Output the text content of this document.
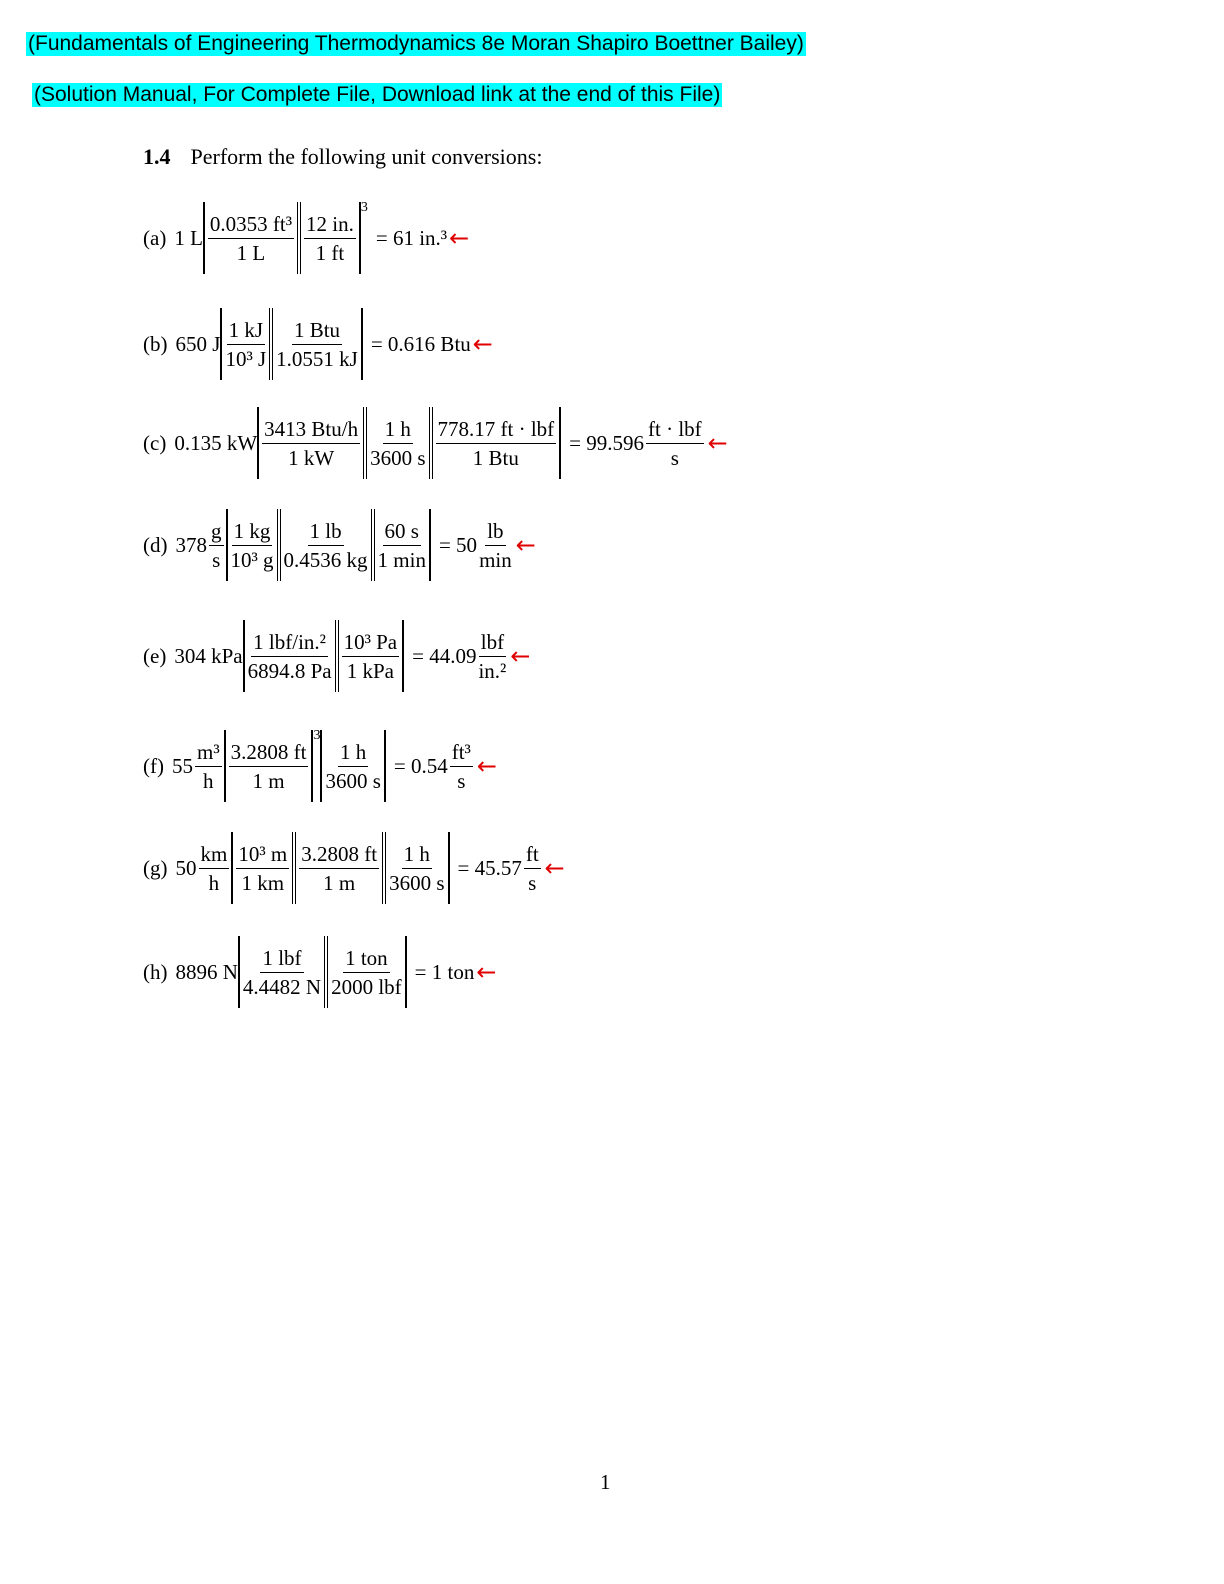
(Fundamentals of Engineering Thermodynamics 8e Moran Shapiro Boettner Bailey)
(Solution Manual, For Complete File, Download link at the end of this File)
1.4 Perform the following unit conversions:
(a) 1 L
0.0353 ft³
1 L
12 in.
1 ft
$^3$
= 61 in.³ ←
(b) 650 J
1 kJ
10³ J
1 Btu
1.0551 kJ
= 0.616 Btu ←
(c) 0.135 kW
3413 Btu/h
1 kW
1 h
3600 s
778.17 ft · lbf
1 Btu
= 99.596
ft · lbf
s
←
(d) 378
g
s
1 kg
10³ g
1 lb
0.4536 kg
60 s
1 min
= 50
lb
min
←
(e) 304 kPa
1 lbf/in.²
6894.8 Pa
10³ Pa
1 kPa
= 44.09
lbf
in.²
←
(f) 55
m³
h
3.2808 ft
1 m
$^3 \frac{1 h}{3600 s} = 0.54$
ft³
s
←
(g) 50
km
h
10³ m
1 km
3.2808 ft
1 m $\frac{1 h}{3600 s} = 45.57$
ft
s
←
(h) 8896 N
1 lbf
4.4482 N
1 ton
2000 lbf
= 1 ton ←
1
